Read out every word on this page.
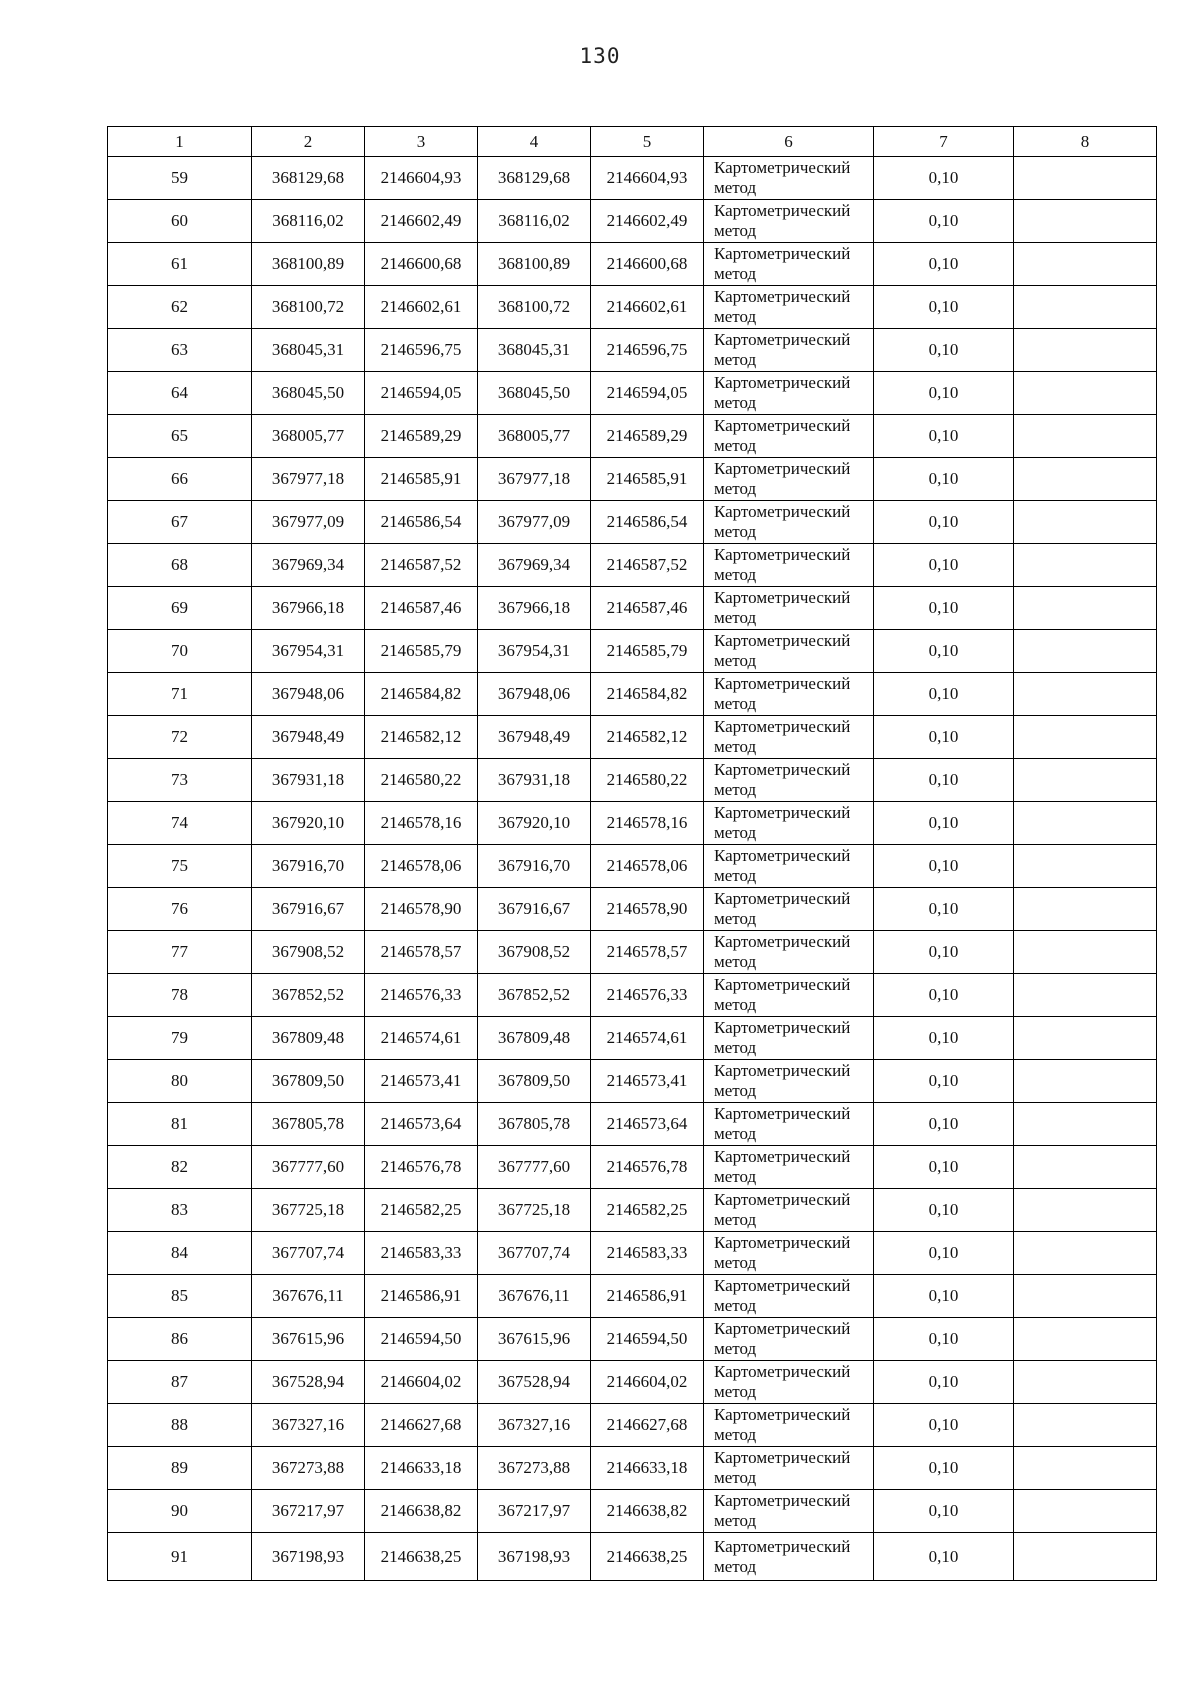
130
1	2	3	4	5	6	7	8
59	368129,68	2146604,93	368129,68	2146604,93	Картометрический метод	0,10	
60	368116,02	2146602,49	368116,02	2146602,49	Картометрический метод	0,10	
61	368100,89	2146600,68	368100,89	2146600,68	Картометрический метод	0,10	
62	368100,72	2146602,61	368100,72	2146602,61	Картометрический метод	0,10	
63	368045,31	2146596,75	368045,31	2146596,75	Картометрический метод	0,10	
64	368045,50	2146594,05	368045,50	2146594,05	Картометрический метод	0,10	
65	368005,77	2146589,29	368005,77	2146589,29	Картометрический метод	0,10	
66	367977,18	2146585,91	367977,18	2146585,91	Картометрический метод	0,10	
67	367977,09	2146586,54	367977,09	2146586,54	Картометрический метод	0,10	
68	367969,34	2146587,52	367969,34	2146587,52	Картометрический метод	0,10	
69	367966,18	2146587,46	367966,18	2146587,46	Картометрический метод	0,10	
70	367954,31	2146585,79	367954,31	2146585,79	Картометрический метод	0,10	
71	367948,06	2146584,82	367948,06	2146584,82	Картометрический метод	0,10	
72	367948,49	2146582,12	367948,49	2146582,12	Картометрический метод	0,10	
73	367931,18	2146580,22	367931,18	2146580,22	Картометрический метод	0,10	
74	367920,10	2146578,16	367920,10	2146578,16	Картометрический метод	0,10	
75	367916,70	2146578,06	367916,70	2146578,06	Картометрический метод	0,10	
76	367916,67	2146578,90	367916,67	2146578,90	Картометрический метод	0,10	
77	367908,52	2146578,57	367908,52	2146578,57	Картометрический метод	0,10	
78	367852,52	2146576,33	367852,52	2146576,33	Картометрический метод	0,10	
79	367809,48	2146574,61	367809,48	2146574,61	Картометрический метод	0,10	
80	367809,50	2146573,41	367809,50	2146573,41	Картометрический метод	0,10	
81	367805,78	2146573,64	367805,78	2146573,64	Картометрический метод	0,10	
82	367777,60	2146576,78	367777,60	2146576,78	Картометрический метод	0,10	
83	367725,18	2146582,25	367725,18	2146582,25	Картометрический метод	0,10	
84	367707,74	2146583,33	367707,74	2146583,33	Картометрический метод	0,10	
85	367676,11	2146586,91	367676,11	2146586,91	Картометрический метод	0,10	
86	367615,96	2146594,50	367615,96	2146594,50	Картометрический метод	0,10	
87	367528,94	2146604,02	367528,94	2146604,02	Картометрический метод	0,10	
88	367327,16	2146627,68	367327,16	2146627,68	Картометрический метод	0,10	
89	367273,88	2146633,18	367273,88	2146633,18	Картометрический метод	0,10	
90	367217,97	2146638,82	367217,97	2146638,82	Картометрический метод	0,10	
91	367198,93	2146638,25	367198,93	2146638,25	Картометрический метод	0,10	
